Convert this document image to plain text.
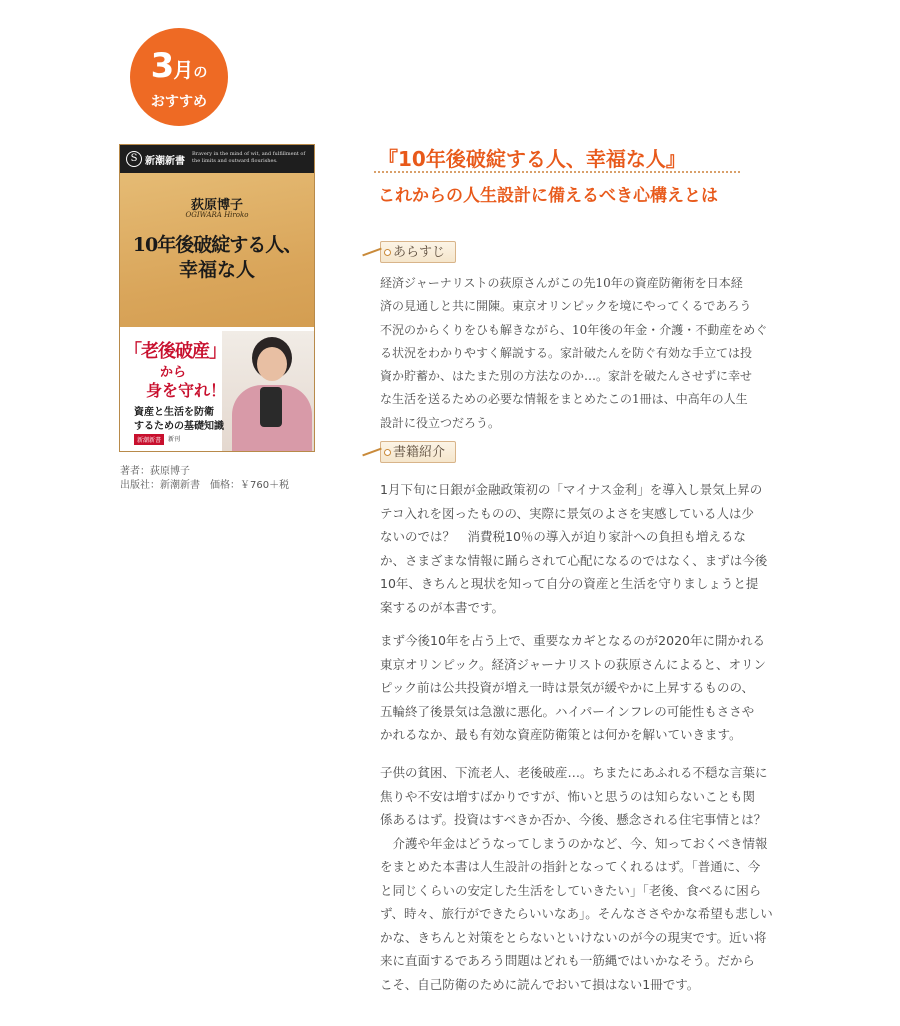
3月の
おすすめ
S 新潮新書
Bravery in the mind of wit, and fulfillment of the limits and outward flourishes.
荻原博子
OGIWARA Hiroko
10年後破綻する人、
幸福な人
「老後破産」
から
身を守れ！
資産と生活を防衛
するための基礎知識
新潮新書	新刊
著者：荻原博子
出版社：新潮新書　価格：￥760＋税
『10年後破綻する人、幸福な人』
これからの人生設計に備えるべき心構えとは
あらすじ
経済ジャーナリストの荻原さんがこの先10年の資産防衛術を日本経
済の見通しと共に開陳。東京オリンピックを境にやってくるであろう
不況のからくりをひも解きながら、10年後の年金・介護・不動産をめぐ
る状況をわかりやすく解説する。家計破たんを防ぐ有効な手立ては投
資か貯蓄か、はたまた別の方法なのか…。家計を破たんさせずに幸せ
な生活を送るための必要な情報をまとめたこの1冊は、中高年の人生
設計に役立つだろう。
書籍紹介
1月下旬に日銀が金融政策初の「マイナス金利」を導入し景気上昇の
テコ入れを図ったものの、実際に景気のよさを実感している人は少
ないのでは？　消費税10％の導入が迫り家計への負担も増えるな
か、さまざまな情報に踊らされて心配になるのではなく、まずは今後
10年、きちんと現状を知って自分の資産と生活を守りましょうと提
案するのが本書です。
まず今後10年を占う上で、重要なカギとなるのが2020年に開かれる
東京オリンピック。経済ジャーナリストの荻原さんによると、オリン
ピック前は公共投資が増え一時は景気が緩やかに上昇するものの、
五輪終了後景気は急激に悪化。ハイパーインフレの可能性もささや
かれるなか、最も有効な資産防衛策とは何かを解いていきます。
子供の貧困、下流老人、老後破産…。ちまたにあふれる不穏な言葉に
焦りや不安は増すばかりですが、怖いと思うのは知らないことも関
係あるはず。投資はすべきか否か、今後、懸念される住宅事情とは？
　介護や年金はどうなってしまうのかなど、今、知っておくべき情報
をまとめた本書は人生設計の指針となってくれるはず。「普通に、今
と同じくらいの安定した生活をしていきたい」「老後、食べるに困ら
ず、時々、旅行ができたらいいなあ」。そんなささやかな希望も悲しい
かな、きちんと対策をとらないといけないのが今の現実です。近い将
来に直面するであろう問題はどれも一筋縄ではいかなそう。だから
こそ、自己防衛のために読んでおいて損はない1冊です。
